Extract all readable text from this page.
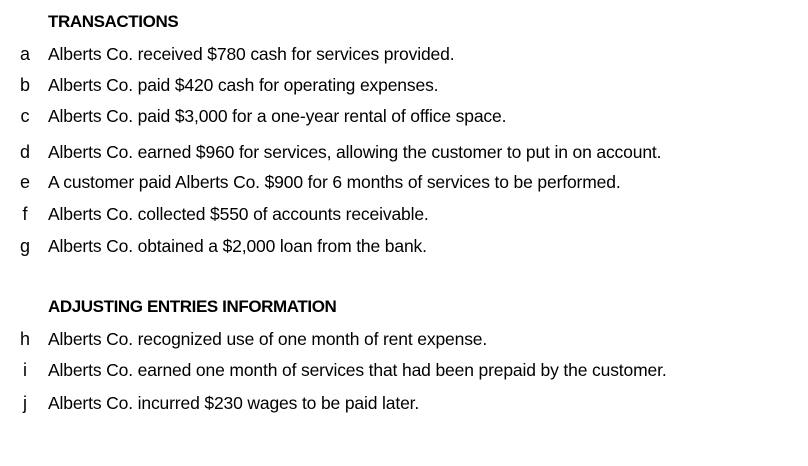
TRANSACTIONS
a	Alberts Co. received $780 cash for services provided.
b	Alberts Co. paid $420 cash for operating expenses.
c	Alberts Co. paid $3,000 for a one-year rental of office space.
d	Alberts Co. earned $960 for services, allowing the customer to put in on account.
e	A customer paid Alberts Co. $900 for 6 months of services to be performed.
f	Alberts Co. collected $550 of accounts receivable.
g	Alberts Co. obtained a $2,000 loan from the bank.
ADJUSTING ENTRIES INFORMATION
h	Alberts Co. recognized use of one month of rent expense.
i	Alberts Co. earned one month of services that had been prepaid by the customer.
j	Alberts Co. incurred $230 wages to be paid later.
